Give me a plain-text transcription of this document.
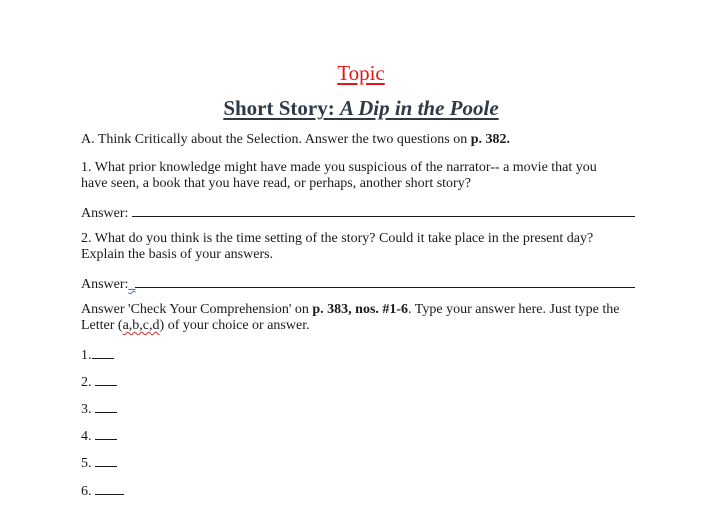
Topic
Short Story: A Dip in the Poole
A. Think Critically about the Selection. Answer the two questions on p. 382.
1. What prior knowledge might have made you suspicious of the narrator-- a movie that you
have seen, a book that you have read, or perhaps, another short story?
Answer:
2. What do you think is the time setting of the story? Could it take place in the present day?
Explain the basis of your answers.
Answer:_
Answer 'Check Your Comprehension' on p. 383, nos. #1-6. Type your answer here. Just type the
Letter (a,b,c,d) of your choice or answer.
1.
2.
3.
4.
5.
6.
